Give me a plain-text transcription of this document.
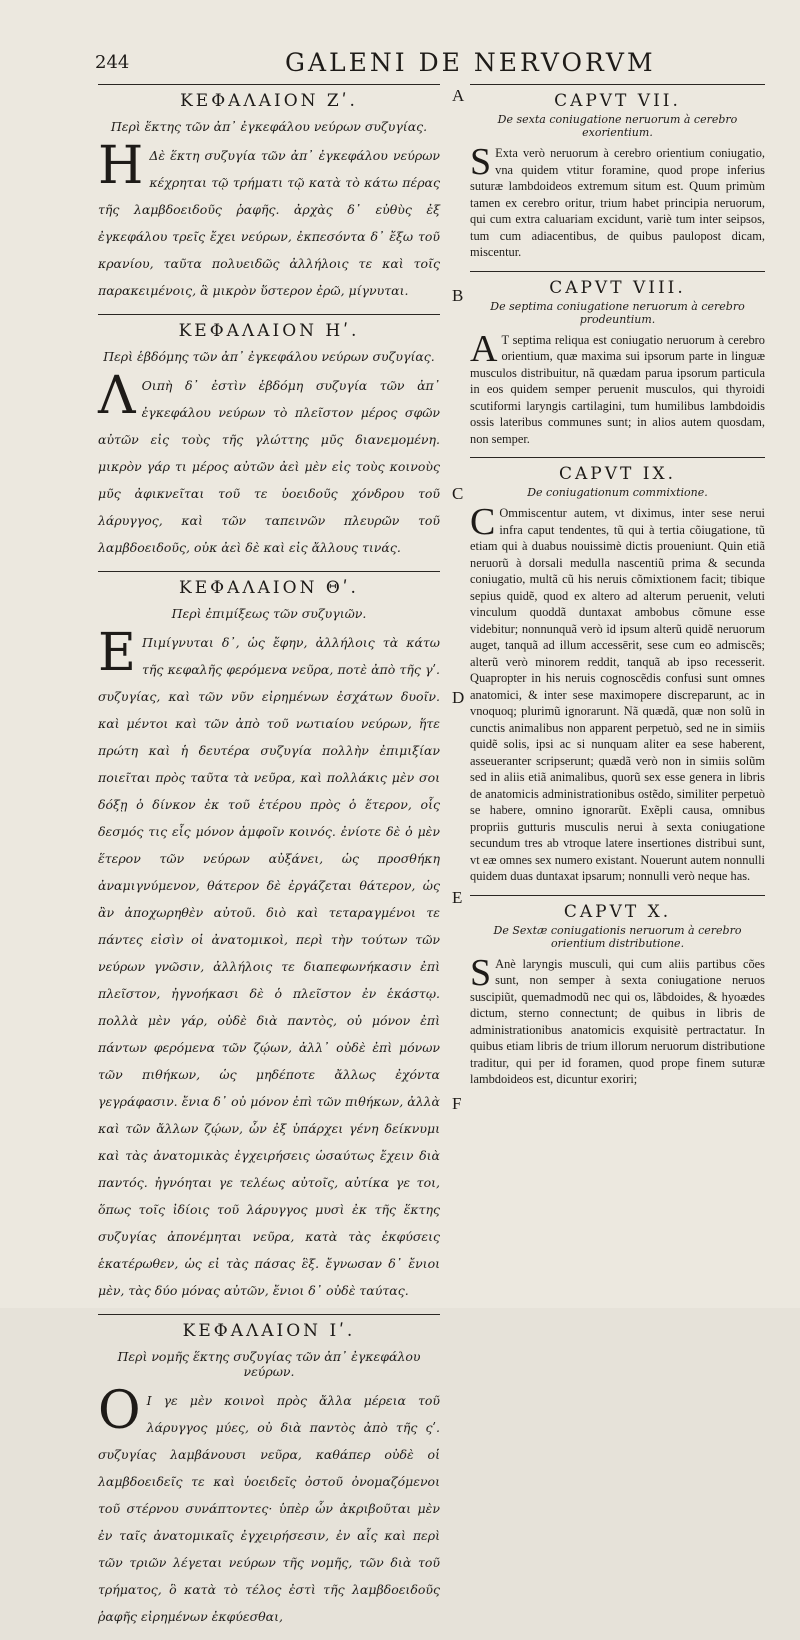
244	GALENI DE NERVORVM
A
B
C
D
E
F
ΚΕΦΑΛΑΙΟΝ Ζʹ.
Περὶ ἕκτης τῶν ἀπ᾽ ἐγκεφάλου νεύρων συζυγίας.

Η Δὲ ἕκτη συζυγία τῶν ἀπ᾽ ἐγκεφάλου νεύρων κέχρηται τῷ τρήματι τῷ κατὰ τὸ κάτω πέρας τῆς λαμβδοειδοῦς ῥαφῆς. ἀρχὰς δ᾽ εὐθὺς ἐξ ἐγκεφάλου τρεῖς ἔχει νεύρων, ἐκπεσόντα δ᾽ ἔξω τοῦ κρανίου, ταῦτα πολυειδῶς ἀλλήλοις τε καὶ τοῖς παρακειμένοις, ἃ μικρὸν ὕστερον ἐρῶ, μίγνυται.

ΚΕΦΑΛΑΙΟΝ Ηʹ.
Περὶ ἑβδόμης τῶν ἀπ᾽ ἐγκεφάλου νεύρων συζυγίας.

Λ Οιπὴ δ᾽ ἐστὶν ἑβδόμη συζυγία τῶν ἀπ᾽ ἐγκεφάλου νεύρων τὸ πλεῖστον μέρος σφῶν αὐτῶν εἰς τοὺς τῆς γλώττης μῦς διανεμομένη. μικρὸν γάρ τι μέρος αὐτῶν ἀεὶ μὲν εἰς τοὺς κοινοὺς μῦς ἀφικνεῖται τοῦ τε ὑοειδοῦς χόνδρου τοῦ λάρυγγος, καὶ τῶν ταπεινῶν πλευρῶν τοῦ λαμβδοειδοῦς, οὐκ ἀεὶ δὲ καὶ εἰς ἄλλους τινάς.

ΚΕΦΑΛΑΙΟΝ Θʹ.
Περὶ ἐπιμίξεως τῶν συζυγιῶν.

Ε Πιμίγνυται δ᾽, ὡς ἔφην, ἀλλήλοις τὰ κάτω τῆς κεφαλῆς φερόμενα νεῦρα, ποτὲ ἀπὸ τῆς γʹ. συζυγίας, καὶ τῶν νῦν εἰρημένων ἐσχάτων δυοῖν. καὶ μέντοι καὶ τῶν ἀπὸ τοῦ νωτιαίου νεύρων, ἥτε πρώτη καὶ ἡ δευτέρα συζυγία πολλὴν ἐπιμιξίαν ποιεῖται πρὸς ταῦτα τὰ νεῦρα, καὶ πολλάκις μὲν σοι δόξῃ ὁ δίνκον ἐκ τοῦ ἑτέρου πρὸς ὁ ἕτερον, οἷς δεσμός τις εἷς μόνον ἀμφοῖν κοινός. ἐνίοτε δὲ ὁ μὲν ἕτερον τῶν νεύρων αὐξάνει, ὡς προσθήκη ἀναμιγνύμενον, θάτερον δὲ ἐργάζεται θάτερον, ὡς ἂν ἀποχωρηθὲν αὐτοῦ. διὸ καὶ τεταραγμένοι τε πάντες εἰσὶν οἱ ἀνατομικοὶ, περὶ τὴν τούτων τῶν νεύρων γνῶσιν, ἀλλήλοις τε διαπεφωνήκασιν ἐπὶ πλεῖστον, ἠγνοήκασι δὲ ὁ πλεῖστον ἐν ἑκάστῳ. πολλὰ μὲν γάρ, οὐδὲ διὰ παντὸς, οὐ μόνον ἐπὶ πάντων φερόμενα τῶν ζῴων, ἀλλ᾽ οὐδὲ ἐπὶ μόνων τῶν πιθήκων, ὡς μηδέποτε ἄλλως ἐχόντα γεγράφασιν. ἔνια δ᾽ οὐ μόνον ἐπὶ τῶν πιθήκων, ἀλλὰ καὶ τῶν ἄλλων ζῴων, ὧν ἐξ ὑπάρχει γένη δείκνυμι καὶ τὰς ἀνατομικὰς ἐγχειρήσεις ὡσαύτως ἔχειν διὰ παντός. ἠγνόηται γε τελέως αὐτοῖς, αὐτίκα γε τοι, ὅπως τοῖς ἰδίοις τοῦ λάρυγγος μυσὶ ἐκ τῆς ἕκτης συζυγίας ἀπονέμηται νεῦρα, κατὰ τὰς ἐκφύσεις ἑκατέρωθεν, ὡς εἰ τὰς πάσας ἓξ. ἔγνωσαν δ᾽ ἔνιοι μὲν, τὰς δύο μόνας αὐτῶν, ἔνιοι δ᾽ οὐδὲ ταύτας.

ΚΕΦΑΛΑΙΟΝ Ιʹ.
Περὶ νομῆς ἕκτης συζυγίας τῶν ἀπ᾽ ἐγκεφάλου νεύρων.

Ο Ι γε μὲν κοινοὶ πρὸς ἄλλα μέρεια τοῦ λάρυγγος μύες, οὐ διὰ παντὸς ἀπὸ τῆς ςʹ. συζυγίας λαμβάνουσι νεῦρα, καθάπερ οὐδὲ οἱ λαμβδοειδεῖς τε καὶ ὑοειδεῖς ὀστοῦ ὀνομαζόμενοι τοῦ στέρνου συνάπτοντες· ὑπὲρ ὧν ἀκριβοῦται μὲν ἐν ταῖς ἀνατομικαῖς ἐγχειρήσεσιν, ἐν αἷς καὶ περὶ τῶν τριῶν λέγεται νεύρων τῆς νομῆς, τῶν διὰ τοῦ τρήματος, ὃ κατὰ τὸ τέλος ἐστὶ τῆς λαμβδοειδοῦς ῥαφῆς εἰρημένων ἐκφύεσθαι,

CAPVT VII.
De sexta coniugatione neruorum à cerebro exorientium.

S Exta verò neruorum à cerebro orientium coniugatio, vna quidem vtitur foramine, quod prope inferius suturæ lambdoideos extremum situm est. Quum primùm tamen ex cerebro oritur, trium habet principia neruorum, qui cum extra caluariam excidunt, variè tum inter seipsos, tum cum adiacentibus, de quibus paulopost dicam, miscentur.

CAPVT VIII.
De septima coniugatione neruorum à cerebro prodeuntium.

A T septima reliqua est coniugatio neruorum à cerebro orientium, quæ maxima sui ipsorum parte in linguæ musculos distribuitur, nã quædam parua ipsorum particula in eos quidem semper peruenit musculos, qui thyroidi scutiformi laryngis cartilagini, tum humilibus lambdoidis ossis lateribus communes sunt; in alios autem quosdam, non semper.

CAPVT IX.
De coniugationum commixtione.

C Ommiscentur autem, vt diximus, inter sese nerui infra caput tendentes, tũ qui à tertia cõiugatione, tũ etiam qui à duabus nouissimè dictis proueniunt. Quin etiã neruorũ à dorsali medulla nascentiũ prima & secunda coniugatio, multã cũ his neruis cõmixtionem facit; tibique sepius quidẽ, quod ex altero ad alterum peruenit, veluti vinculum quoddã duntaxat ambobus cõmune esse videbitur; nonnunquã verò id ipsum alterũ quidẽ neruorum auget, tanquã ad illum accessērit, sese cum eo admiscẽs; alterũ verò minorem reddit, tanquã ab ipso recesserit. Quapropter in his neruis cognoscẽdis confusi sunt omnes anatomici, & inter sese maximopere discreparunt, ac in vnoquoq; plurimũ ignorarunt. Nã quædã, quæ non solũ in cunctis animalibus non apparent perpetuò, sed ne in simiis quidẽ solis, ipsi ac si nunquam aliter ea sese haberent, asseueranter scripserunt; quædã verò non in simiis solũm sed in aliis etiã animalibus, quorũ sex esse genera in libris de anatomicis administrationibus ostẽdo, similiter perpetuò se habere, omnino ignorarũt. Exẽpli causa, omnibus propriis gutturis musculis nerui à sexta coniugatione secundum tres ab vtroque latere insertiones distribui sunt, vt eæ omnes sex numero existant. Nouerunt autem nonnulli quidem duas duntaxat ipsarum; nonnulli verò neque has.

CAPVT X.
De Sextæ coniugationis neruorum à cerebro orientium distributione.

S Anè laryngis musculi, qui cum aliis partibus cões sunt, non semper à sexta coniugatione neruos suscipiũt, quemadmodũ nec qui os, lãbdoides, & hyoædes dictum, sterno connectunt; de quibus in libris de administrationibus anatomicis exquisitè pertractatur. In quibus etiam libris de trium illorum neruorum distributione traditur, qui per id foramen, quod prope finem suturæ lambdoideos est, dicuntur exoriri;
